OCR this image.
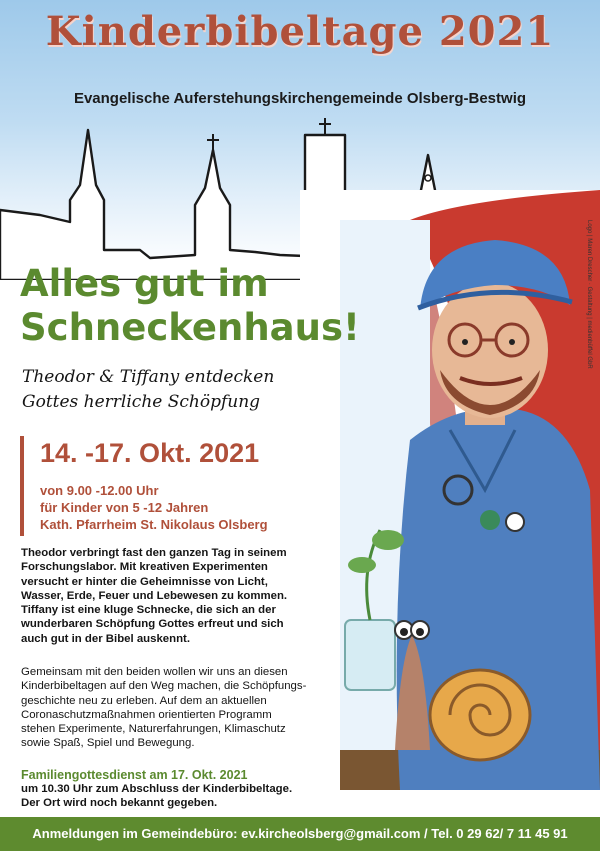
Logo | Maren Drescher · Gestaltung | medienbüffel GbR
Kinderbibeltage 2021
Evangelische Auferstehungskirchengemeinde Olsberg-Bestwig
Alles gut im
Schneckenhaus!
Theodor & Tiffany entdecken
Gottes herrliche Schöpfung
14. -17. Okt. 2021
von 9.00 -12.00 Uhr
für Kinder von 5 -12 Jahren
Kath. Pfarrheim St. Nikolaus Olsberg
Theodor verbringt fast den ganzen Tag in seinem
Forschungslabor. Mit kreativen Experimenten
versucht er hinter die Geheimnisse von Licht,
Wasser, Erde, Feuer und Lebewesen zu kommen.
Tiffany ist eine kluge Schnecke, die sich an der
wunderbaren Schöpfung Gottes erfreut und sich
auch gut in der Bibel auskennt.
Gemeinsam mit den beiden wollen wir uns an diesen
Kinderbibeltagen auf den Weg machen, die Schöpfungs-
geschichte neu zu erleben. Auf dem an aktuellen
Coronaschutzmaßnahmen orientierten Programm
stehen Experimente, Naturerfahrungen, Klimaschutz
sowie Spaß, Spiel und Bewegung.
Familiengottesdienst am 17. Okt. 2021
um 10.30 Uhr zum Abschluss der Kinderbibeltage.
Der Ort wird noch bekannt gegeben.
Anmeldungen im Gemeindebüro: ev.kircheolsberg@gmail.com / Tel. 0 29 62/ 7 11 45 91
